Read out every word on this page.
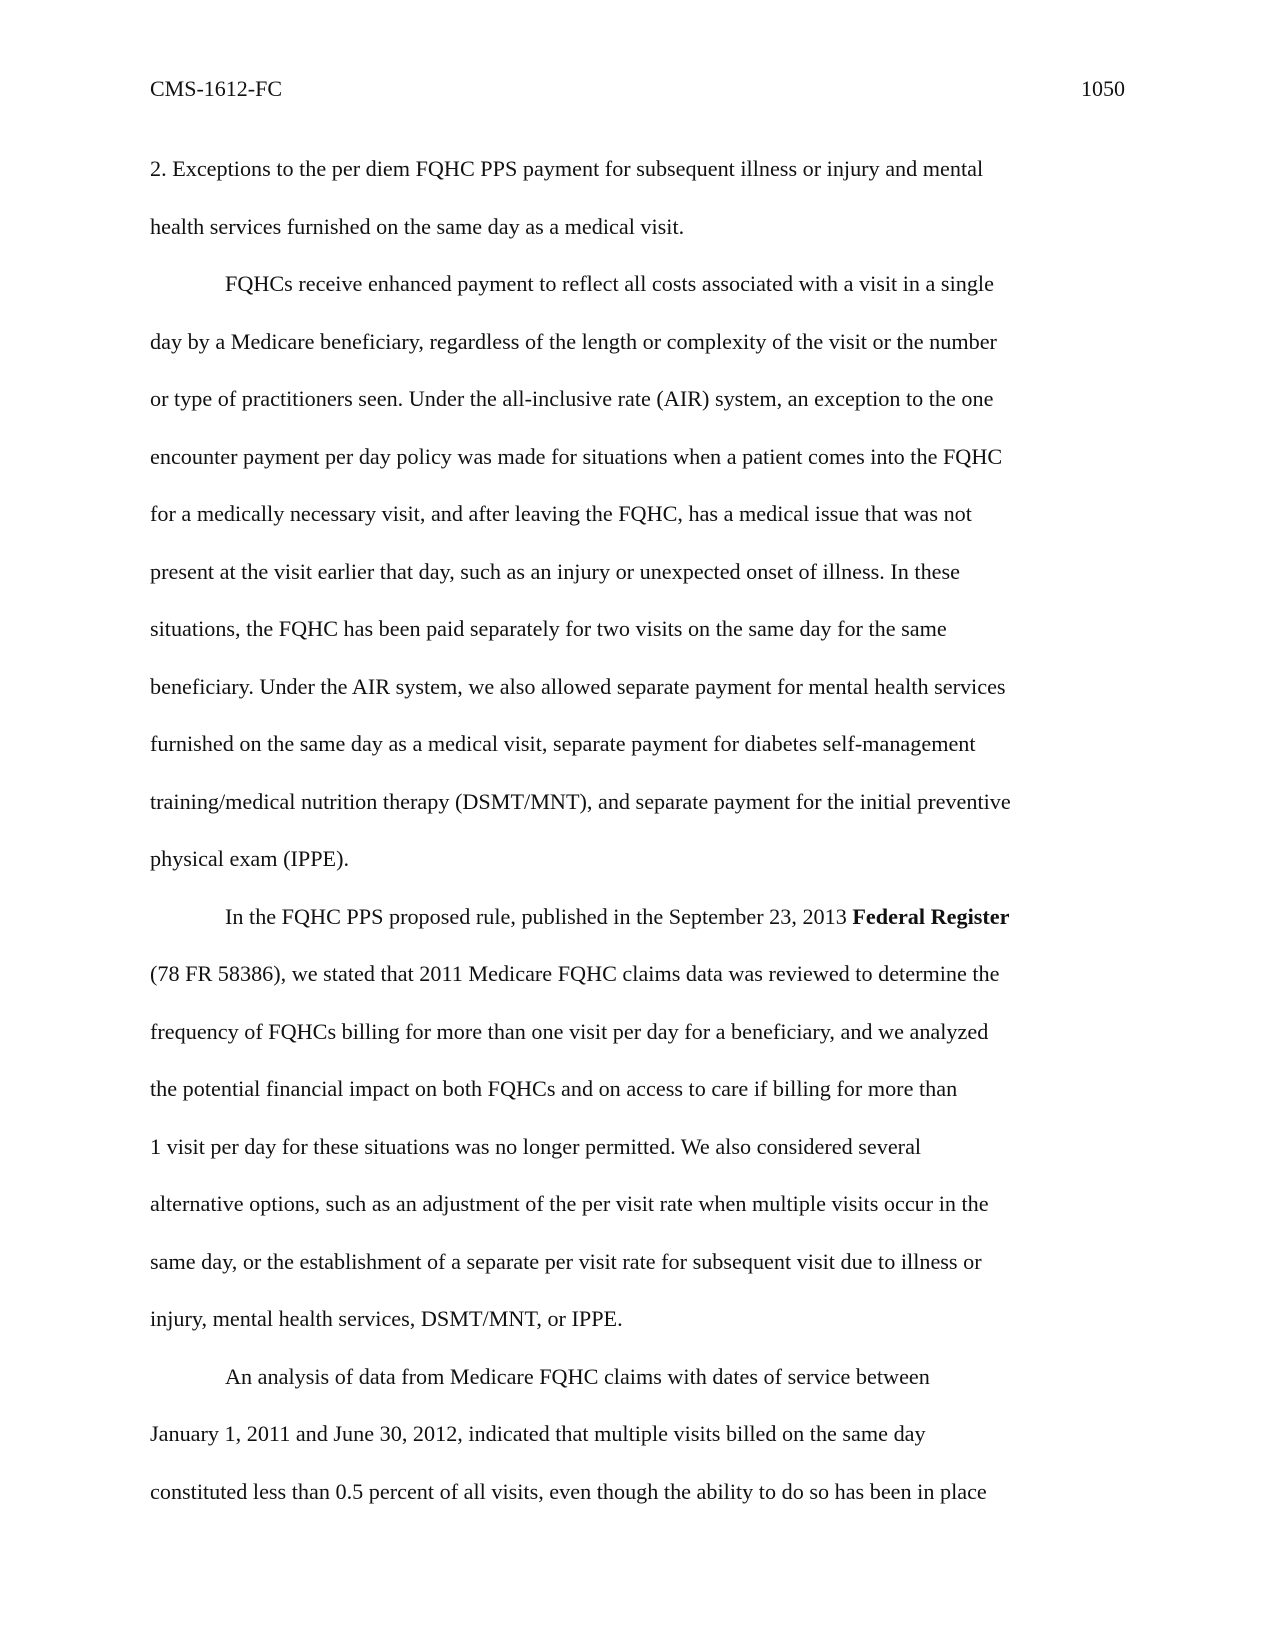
CMS-1612-FC	1050
2. Exceptions to the per diem FQHC PPS payment for subsequent illness or injury and mental
health services furnished on the same day as a medical visit.
FQHCs receive enhanced payment to reflect all costs associated with a visit in a single
day by a Medicare beneficiary, regardless of the length or complexity of the visit or the number
or type of practitioners seen. Under the all-inclusive rate (AIR) system, an exception to the one
encounter payment per day policy was made for situations when a patient comes into the FQHC
for a medically necessary visit, and after leaving the FQHC, has a medical issue that was not
present at the visit earlier that day, such as an injury or unexpected onset of illness. In these
situations, the FQHC has been paid separately for two visits on the same day for the same
beneficiary. Under the AIR system, we also allowed separate payment for mental health services
furnished on the same day as a medical visit, separate payment for diabetes self-management
training/medical nutrition therapy (DSMT/MNT), and separate payment for the initial preventive
physical exam (IPPE).
In the FQHC PPS proposed rule, published in the September 23, 2013 Federal Register
(78 FR 58386), we stated that 2011 Medicare FQHC claims data was reviewed to determine the
frequency of FQHCs billing for more than one visit per day for a beneficiary, and we analyzed
the potential financial impact on both FQHCs and on access to care if billing for more than
1 visit per day for these situations was no longer permitted. We also considered several
alternative options, such as an adjustment of the per visit rate when multiple visits occur in the
same day, or the establishment of a separate per visit rate for subsequent visit due to illness or
injury, mental health services, DSMT/MNT, or IPPE.
An analysis of data from Medicare FQHC claims with dates of service between
January 1, 2011 and June 30, 2012, indicated that multiple visits billed on the same day
constituted less than 0.5 percent of all visits, even though the ability to do so has been in place
